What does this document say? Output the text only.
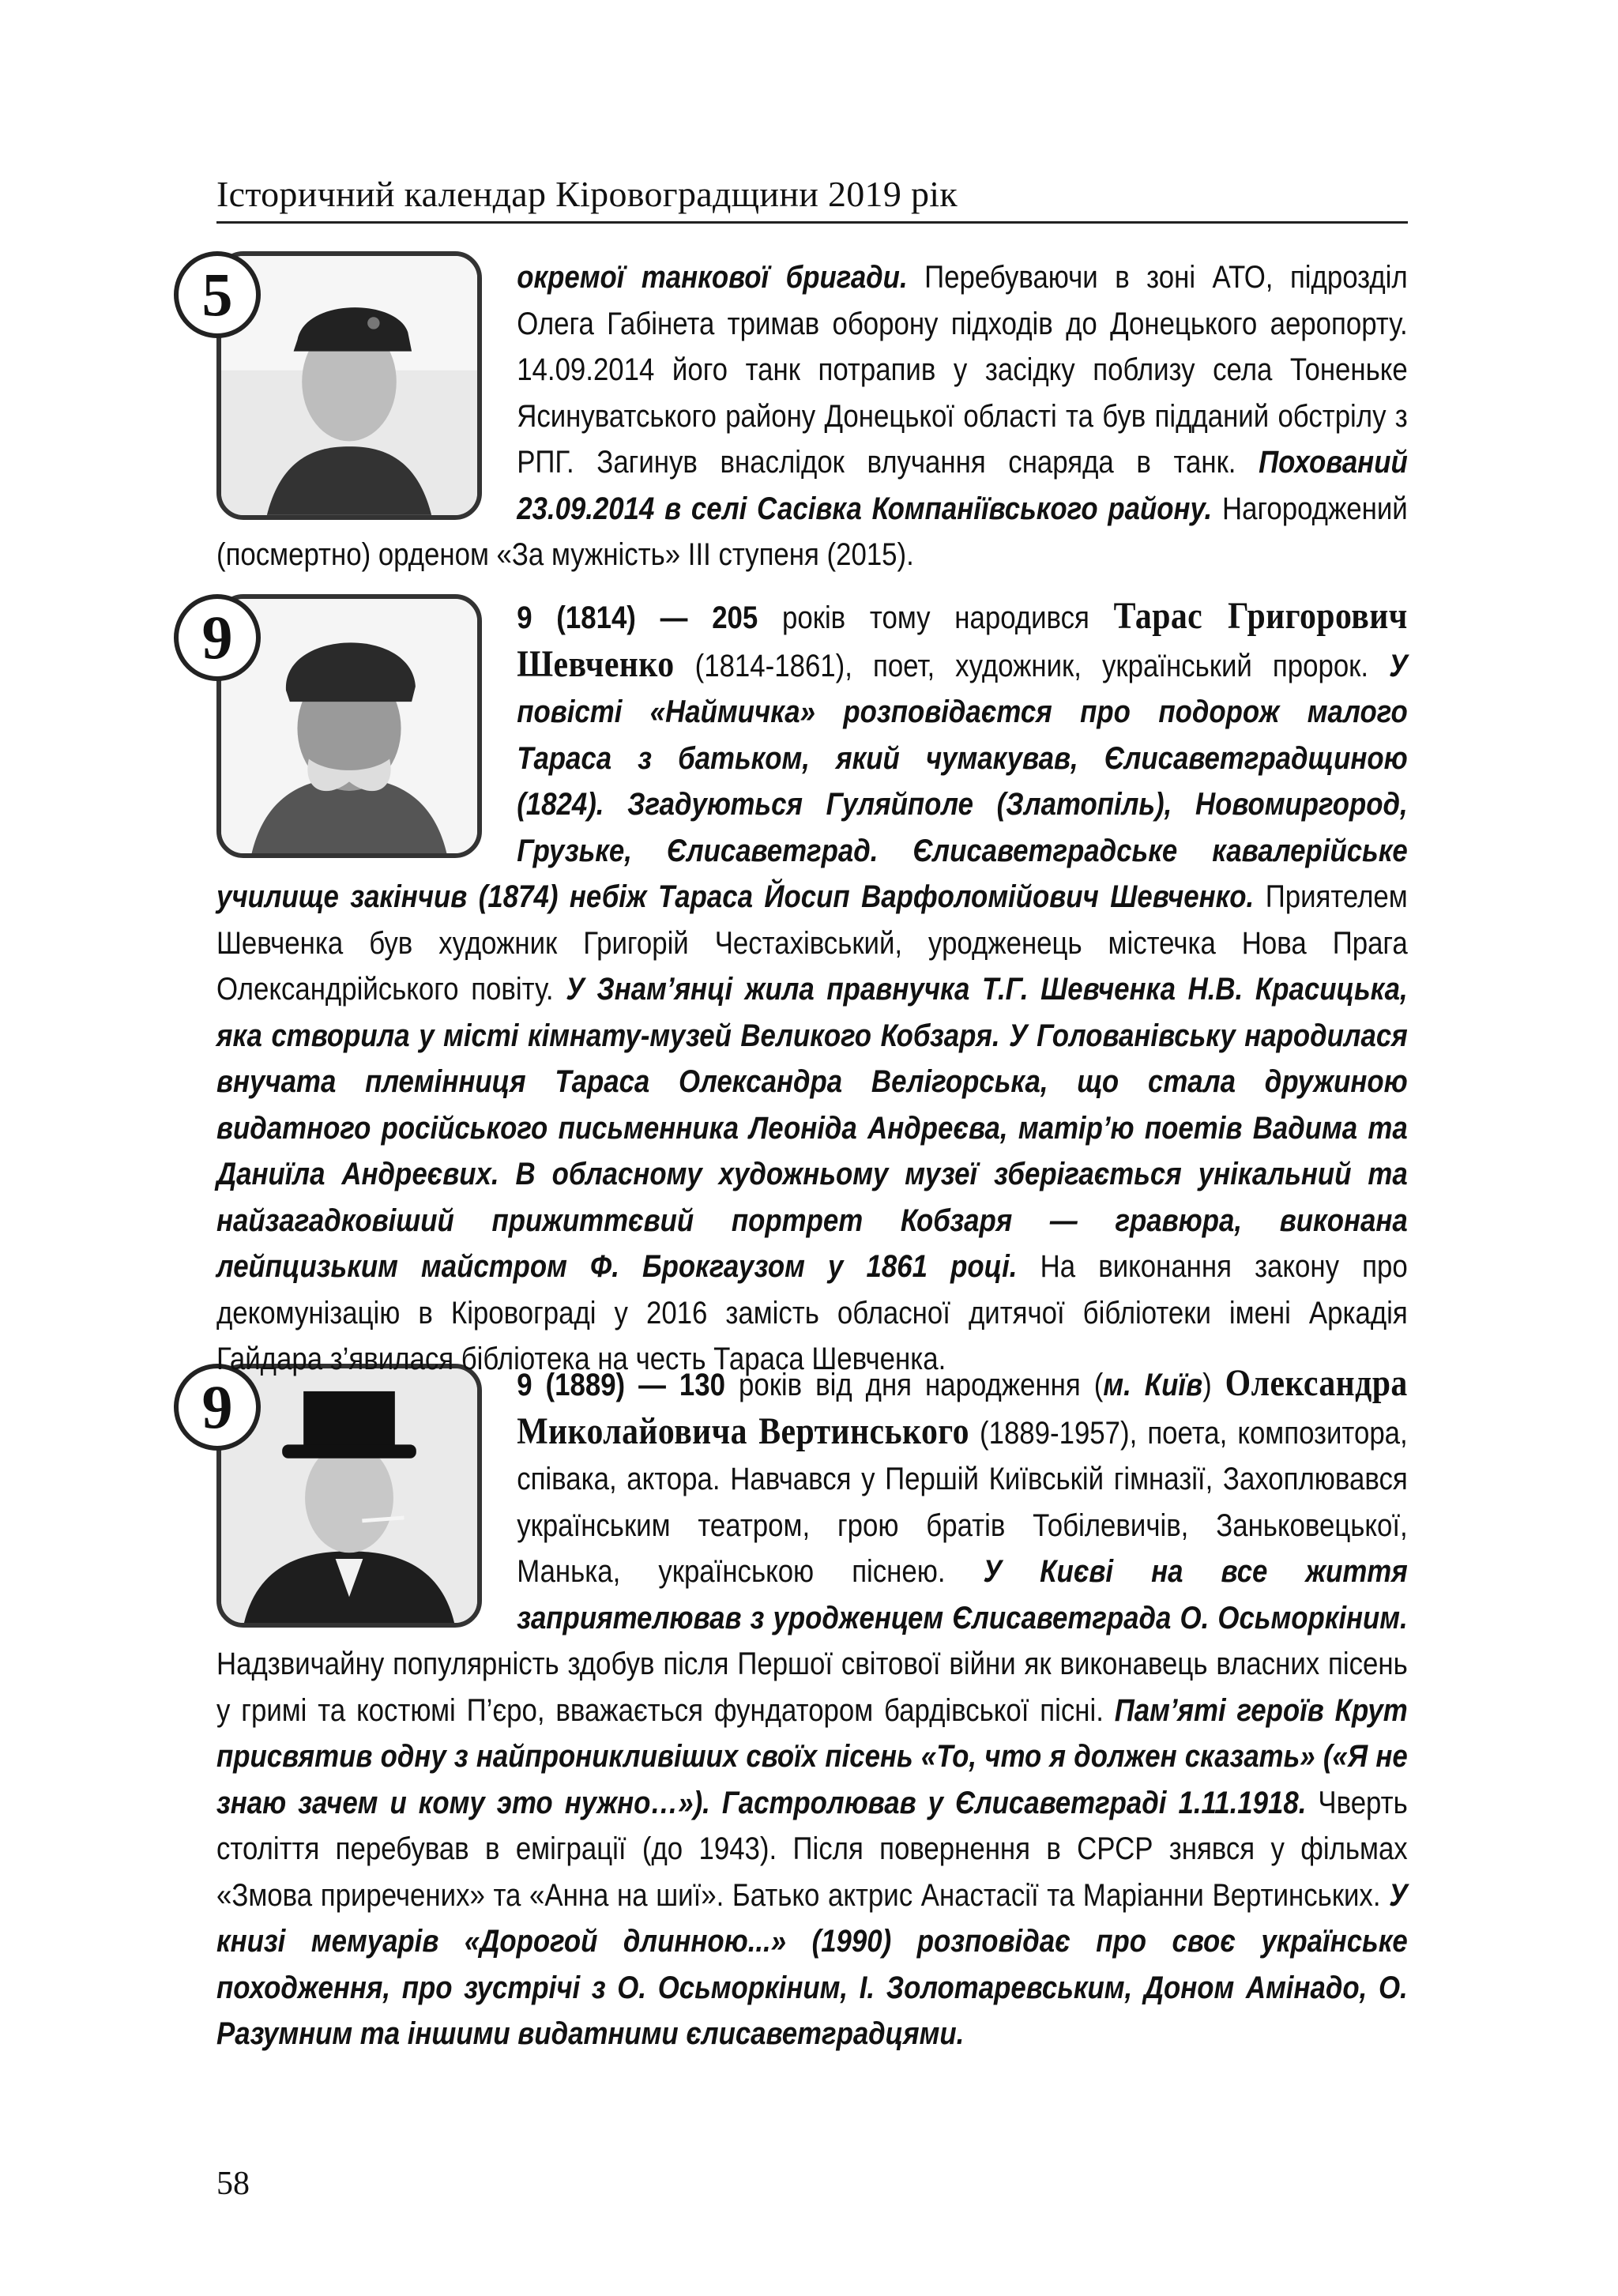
Історичний календар Кіровоградщини 2019 рік
5
9
9

окремої танкової бригади. Перебуваючи в зоні АТО, підрозділ Олега Габінета тримав оборону підходів до Донецького аеропорту. 14.09.2014 його танк потрапив у засідку поблизу села Тоненьке Ясинуватського району Донецької області та був підданий обстрілу з РПГ. Загинув внаслідок влучання снаряда в танк. Похований 23.09.2014 в селі Сасівка Компаніївського району. Нагороджений (посмертно) орденом «За мужність» ІІІ ступеня (2015).

9 (1814) — 205 років тому народився Тарас Григорович Шевченко (1814-1861), поет, художник, український пророк. У повісті «Наймичка» розповідаєтся про подорож малого Тараса з батьком, який чумакував, Єлисаветградщиною (1824). Згадуються Гуляйполе (Златопіль), Новомиргород, Грузьке, Єлисаветград. Єлисаветградське кавалерійське училище закінчив (1874) небіж Тараса Йосип Варфоломійович Шевченко. Приятелем Шевченка був художник Григорій Честахівський, уродженець містечка Нова Прага Олександрійського повіту. У Знам’янці жила правнучка Т.Г. Шевченка Н.В. Красицька, яка створила у місті кімнату-музей Великого Кобзаря. У Голованівську народилася внучата племінниця Тараса Олександра Велігорська, що стала дружиною видатного російського письменника Леоніда Андреєва, матір’ю поетів Вадима та Даниїла Андреєвих. В обласному художньому музеї зберігається унікальний та найзагадковіший прижиттєвий портрет Кобзаря — гравюра, виконана лейпцизьким майстром Ф. Брокгаузом у 1861 році. На виконання закону про декомунізацію в Кіровограді у 2016 замість обласної дитячої бібліотеки імені Аркадія Гайдара з’явилася бібліотека на честь Тараса Шевченка.

9 (1889) — 130 років від дня народження (м. Київ) Олександра Миколайовича Вертинського (1889-1957), поета, композитора, співака, актора. Навчався у Першій Київській гімназії, Захоплювався українським театром, грою братів Тобілевичів, Заньковецької, Манька, українською піснею. У Києві на все життя заприятелював з уродженцем Єлисаветграда О. Осьморкіним. Надзвичайну популярність здобув після Першої світової війни як виконавець власних пісень у гримі та костюмі П’єро, вважається фундатором бардівської пісні. Пам’яті героїв Крут присвятив одну з найпроникливіших своїх пісень «То, что я должен сказать» («Я не знаю зачем и кому это нужно…»). Гастролював у Єлисаветграді 1.11.1918. Чверть століття перебував в еміграції (до 1943). Після повернення в СРСР знявся у фільмах «Змова приречених» та «Анна на шиї». Батько актрис Анастасії та Маріанни Вертинських. У книзі мемуарів «Дорогой длинною...» (1990) розповідає про своє українське походження, про зустрічі з О. Осьморкіним, І. Золотаревським, Доном Амінадо, О. Разумним та іншими видатними єлисаветградцями.

58
